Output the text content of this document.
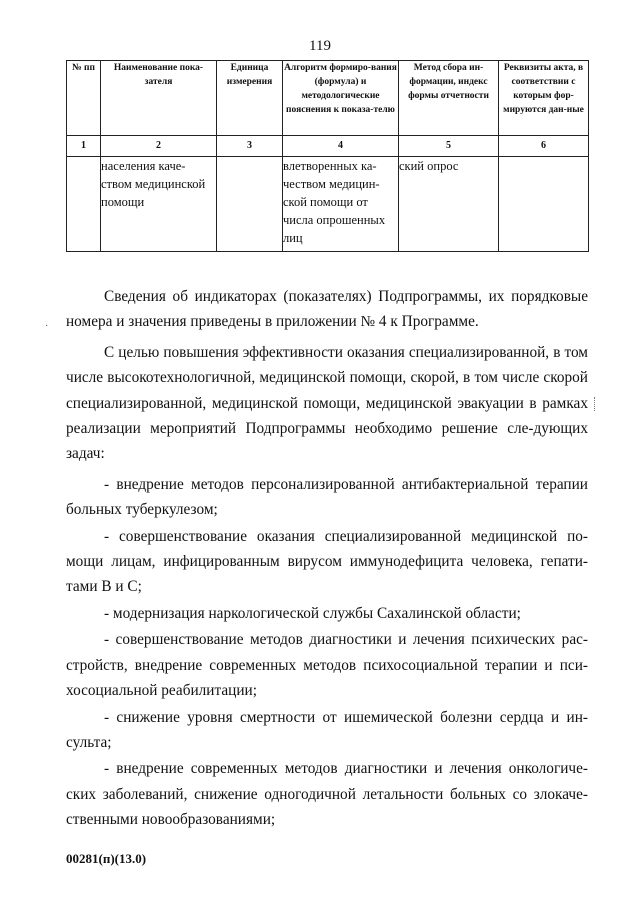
119
№ пп	Наименование пока-зателя	Единица измерения	Алгоритм формиро-вания (формула) и методологические пояснения к показа-телю	Метод сбора ин-формации, индекс формы отчетности	Реквизиты акта, в соответствии с которым фор-мируются дан-ные
1	2	3	4	5	6
	населения каче-ством медицинской помощи		влетворенных ка-чеством медицин-ской помощи от числа опрошенных лиц	ский опрос	

Сведения об индикаторах (показателях) Подпрограммы, их порядковые номера и значения приведены в приложении № 4 к Программе.

С целью повышения эффективности оказания специализированной, в том числе высокотехнологичной, медицинской помощи, скорой, в том числе скорой специализированной, медицинской помощи, медицинской эвакуации в рамках реализации мероприятий Подпрограммы необходимо решение сле-дующих задач:

- внедрение методов персонализированной антибактериальной терапии больных туберкулезом;

- совершенствование оказания специализированной медицинской по-мощи лицам, инфицированным вирусом иммунодефицита человека, гепати-тами В и С;

- модернизация наркологической службы Сахалинской области;

- совершенствование методов диагностики и лечения психических рас-стройств, внедрение современных методов психосоциальной терапии и пси-хосоциальной реабилитации;

- снижение уровня смертности от ишемической болезни сердца и ин-сульта;

- внедрение современных методов диагностики и лечения онкологиче-ских заболеваний, снижение одногодичной летальности больных со злокаче-ственными новообразованиями;

·
00281(п)(13.0)
